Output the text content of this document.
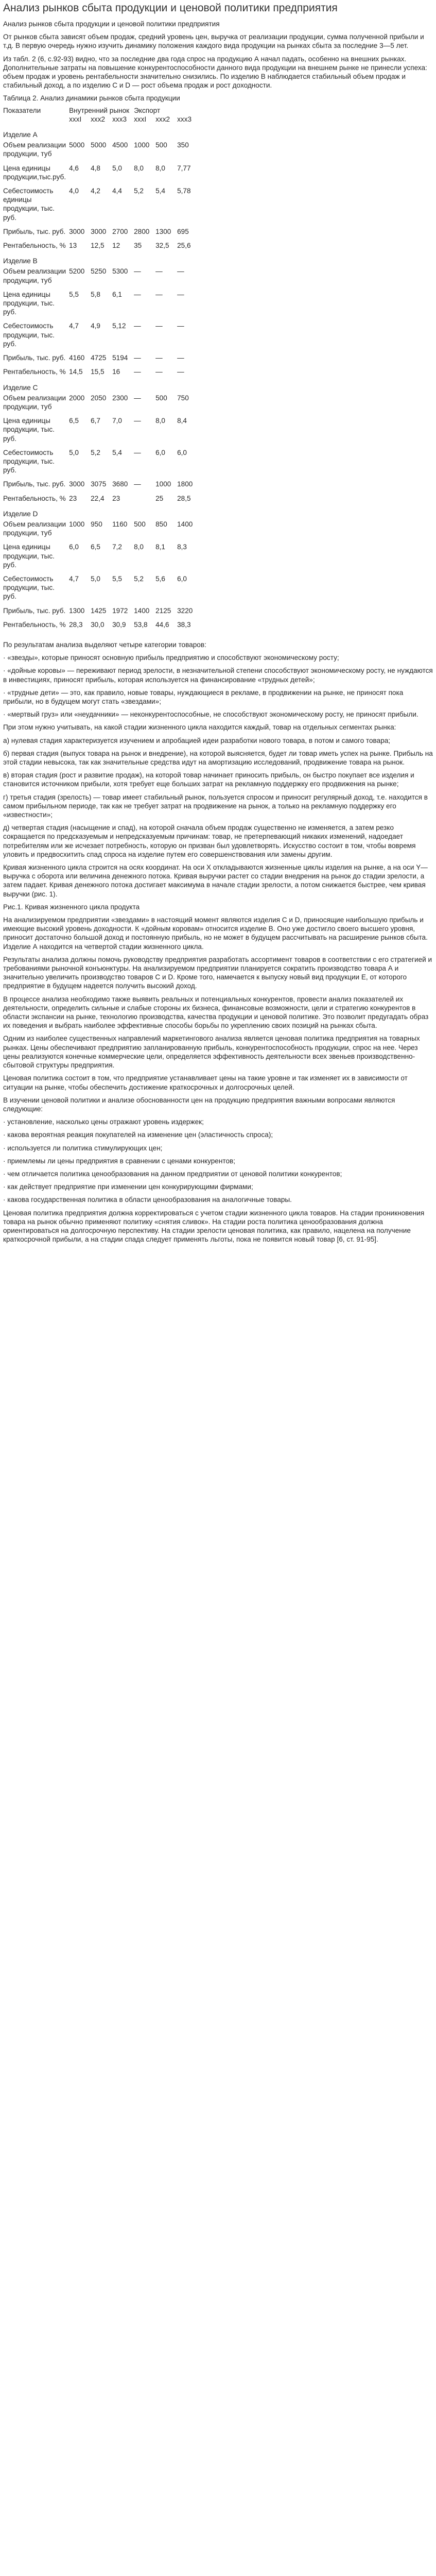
Анализ рынков сбыта продукции и ценовой политики предприятия

Анализ рынков сбыта продукции и ценовой политики предприятия

От рынков сбыта зависят объем продаж, средний уровень цен, выручка от реализации продукции, сумма полученной прибыли и т.д. В первую очередь нужно изучить динамику положения каждого вида продукции на рынках сбыта за последние 3—5 лет.

Из табл. 2 (6, с.92-93) видно, что за последние два года спрос на продукцию А начал падать, особенно на внешних рынках. Дополнительные затраты на повышение конкурентоспособности данного вида продукции на внешнем рынке не принесли успеха: объем продаж и уровень рентабельности значительно снизились. По изделию В наблюдается стабильный объем продаж и стабильный доход, а по изделию С и D — рост объема продаж и рост доходности.

Таблица 2. Анализ динамики рынков сбыта продукции

Показатели	Внутренний рынок			Экспорт		
	xxxI	xxx2	xxx3	xxxI	xxx2	xxx3
Изделие А						
Объем реализации продукции, туб	5000	5000	4500	1000	500	350
Цена единицы продукции,тыс.руб.	4,6	4,8	5,0	8,0	8,0	7,77
Себестоимость единицы продукции, тыс. руб.	4,0	4,2	4,4	5,2	5,4	5,78
Прибыль, тыс. руб.	3000	3000	2700	2800	1300	695
Рентабельность, %	13	12,5	12	35	32,5	25,6
Изделие В						
Объем реализации продукции, туб	5200	5250	5300	—	—	—
Цена единицы продукции, тыс. руб.	5,5	5,8	6,1	—	—	—
Себестоимость продукции, тыс. руб.	4,7	4,9	5,12	—	—	—
Прибыль, тыс. руб.	4160	4725	5194	—	—	—
Рентабельность, %	14,5	15,5	16	—	—	—
Изделие С						
Объем реализации продукции, туб	2000	2050	2300	—	500	750
Цена единицы продукции, тыс. руб.	6,5	6,7	7,0	—	8,0	8,4
Себестоимость продукции, тыс. руб.	5,0	5,2	5,4	—	6,0	6,0
Прибыль, тыс. руб.	3000	3075	3680	—	1000	1800
Рентабельность, %	23	22,4	23		25	28,5
Изделие D						
Объем реализации продукции, туб	1000	950	1160	500	850	1400
Цена единицы продукции, тыс. руб.	6,0	6,5	7,2	8,0	8,1	8,3
Себестоимость продукции, тыс. руб.	4,7	5,0	5,5	5,2	5,6	6,0
Прибыль, тыс. руб.	1300	1425	1972	1400	2125	3220
Рентабельность, %	28,3	30,0	30,9	53,8	44,6	38,3

По результатам анализа выделяют четыре категории товаров:

· «звезды», которые приносят основную прибыль предприятию и способствуют экономическому росту;

· «дойные коровы» — переживают период зрелости, в незначительной степени способствуют экономическому росту, не нуждаются в инвестициях, приносят прибыль, которая используется на финансирование «трудных детей»;

· «трудные дети» — это, как правило, новые товары, нуждающиеся в рекламе, в продвижении на рынке, не приносят пока прибыли, но в будущем могут стать «звездами»;

· «мертвый груз» или «неудачники» — неконкурентоспособные, не способствуют экономическому росту, не приносят прибыли.

При этом нужно учитывать, на какой стадии жизненного цикла находится каждый, товар на отдельных сегментах рынка:

а) нулевая стадия характеризуется изучением и апробацией идеи разработки нового товара, в потом и самого товара;

б) первая стадия (выпуск товара на рынок и внедрение), на которой выясняется, будет ли товар иметь успех на рынке. Прибыль на этой стадии невысока, так как значительные средства идут на амортизацию исследований, продвижение товара на рынок.

в) вторая стадия (рост и развитие продаж), на которой товар начинает приносить прибыль, он быстро покупает все изделия и становится источником прибыли, хотя требует еще больших затрат на рекламную поддержку его продвижения на рынке;

г) третья стадия (зрелость) — товар имеет стабильный рынок, пользуется спросом и приносит регулярный доход, т.е. находится в самом прибыльном периоде, так как не требует затрат на продвижение на рынок, а только на рекламную поддержку его «известности»;

д) четвертая стадия (насыщение и спад), на которой сначала объем продаж существенно не изменяется, а затем резко сокращается по предсказуемым и непредсказуемым причинам: товар, не претерпевающий никаких изменений, надоедает потребителям или же исчезает потребность, которую он призван был удовлетворять. Искусство состоит в том, чтобы вовремя уловить и предвосхитить спад спроса на изделие путем его совершенствования или замены другим.

Кривая жизненного цикла строится на осях координат. На оси X откладываются жизненные циклы изделия на рынке, а на оси Y— выручка с оборота или величина денежного потока. Кривая выручки растет со стадии внедрения на рынок до стадии зрелости, а затем падает. Кривая денежного потока достигает максимума в начале стадии зрелости, а потом снижается быстрее, чем кривая выручки (рис. 1).

Рис.1. Кривая жизненного цикла продукта

На анализируемом предприятии «звездами» в настоящий момент являются изделия С и D, приносящие наибольшую прибыль и имеющие высокий уровень доходности. К «дойным коровам» относится изделие В. Оно уже достигло своего высшего уровня, приносит достаточно большой доход и постоянную прибыль, но не может в будущем рассчитывать на расширение рынков сбыта. Изделие А находится на четвертой стадии жизненного цикла.

Результаты анализа должны помочь руководству предприятия разработать ассортимент товаров в соответствии с его стратегией и требованиями рыночной конъюнктуры. На анализируемом предприятии планируется сократить производство товара А и значительно увеличить производство товаров С и D. Кроме того, намечается к выпуску новый вид продукции Е, от которого предприятие в будущем надеется получить высокий доход.

В процессе анализа необходимо также выявить реальных и потенциальных конкурентов, провести анализ показателей их деятельности, определить сильные и слабые стороны их бизнеса, финансовые возможности, цели и стратегию конкурентов в области экспансии на рынке, технологию производства, качества продукции и ценовой политике. Это позволит предугадать образ их поведения и выбрать наиболее эффективные способы борьбы по укреплению своих позиций на рынках сбыта.

Одним из наиболее существенных направлений маркетингового анализа является ценовая политика предприятия на товарных рынках. Цены обеспечивают предприятию запланированную прибыль, конкурентоспособность продукции, спрос на нее. Через цены реализуются конечные коммерческие цели, определяется эффективность деятельности всех звеньев производственно-сбытовой структуры предприятия.

Ценовая политика состоит в том, что предприятие устанавливает цены на такие уровне и так изменяет их в зависимости от ситуации на рынке, чтобы обеспечить достижение краткосрочных и долгосрочных целей.

В изучении ценовой политики и анализе обоснованности цен на продукцию предприятия важными вопросами являются следующие:

· установление, насколько цены отражают уровень издержек;

· какова вероятная реакция покупателей на изменение цен (эластичность спроса);

· используется ли политика стимулирующих цен;

· приемлемы ли цены предприятия в сравнении с ценами конкурентов;

· чем отличается политика ценообразования на данном предприятии от ценовой политики конкурентов;

· как действует предприятие при изменении цен конкурирующими фирмами;

· какова государственная политика в области ценообразования на аналогичные товары.

Ценовая политика предприятия должна корректироваться с учетом стадии жизненного цикла товаров. На стадии проникновения товара на рынок обычно применяют политику «снятия сливок». На стадии роста политика ценообразования должна ориентироваться на долгосрочную перспективу. На стадии зрелости ценовая политика, как правило, нацелена на получение краткосрочной прибыли, а на стадии спада следует применять льготы, пока не появится новый товар [6, ст. 91-95].
